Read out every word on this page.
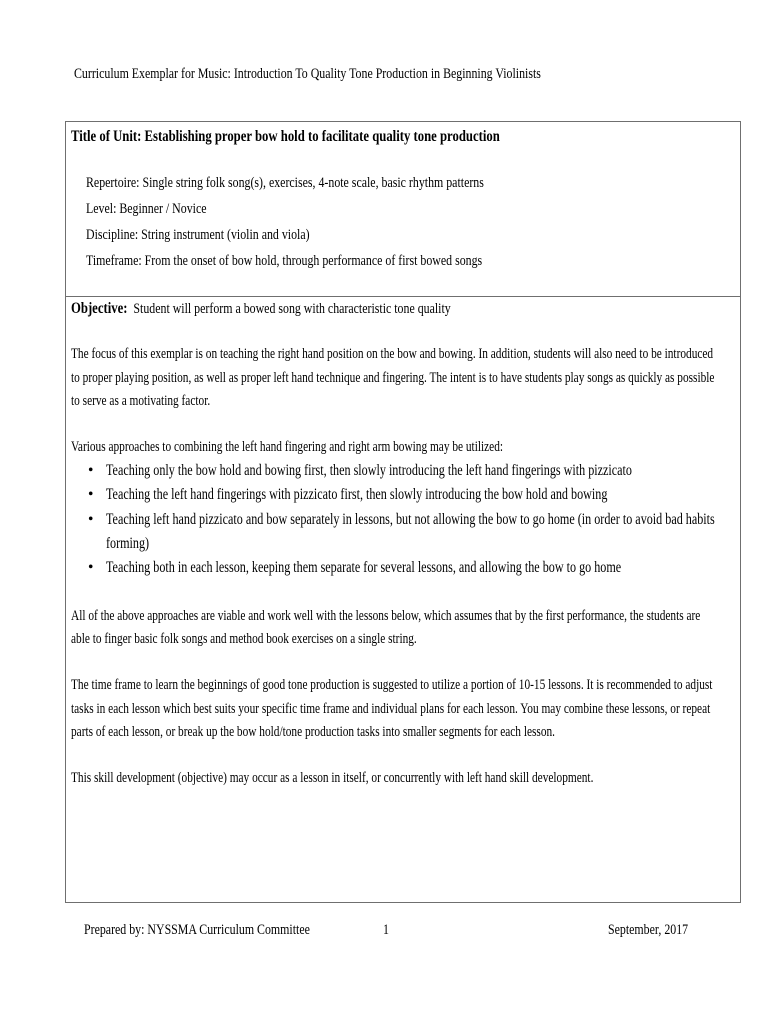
Curriculum Exemplar for Music: Introduction To Quality Tone Production in Beginning Violinists
Title of Unit: Establishing proper bow hold to facilitate quality tone production
Repertoire: Single string folk song(s), exercises, 4-note scale, basic rhythm patterns
Level: Beginner / Novice
Discipline: String instrument (violin and viola)
Timeframe: From the onset of bow hold, through performance of first bowed songs
Objective: Student will perform a bowed song with characteristic tone quality
The focus of this exemplar is on teaching the right hand position on the bow and bowing. In addition, students will also need to be introduced
to proper playing position, as well as proper left hand technique and fingering. The intent is to have students play songs as quickly as possible
to serve as a motivating factor.
Various approaches to combining the left hand fingering and right arm bowing may be utilized:
• Teaching only the bow hold and bowing first, then slowly introducing the left hand fingerings with pizzicato
• Teaching the left hand fingerings with pizzicato first, then slowly introducing the bow hold and bowing
• Teaching left hand pizzicato and bow separately in lessons, but not allowing the bow to go home (in order to avoid bad habits
forming)
• Teaching both in each lesson, keeping them separate for several lessons, and allowing the bow to go home
All of the above approaches are viable and work well with the lessons below, which assumes that by the first performance, the students are
able to finger basic folk songs and method book exercises on a single string.
The time frame to learn the beginnings of good tone production is suggested to utilize a portion of 10-15 lessons. It is recommended to adjust
tasks in each lesson which best suits your specific time frame and individual plans for each lesson. You may combine these lessons, or repeat
parts of each lesson, or break up the bow hold/tone production tasks into smaller segments for each lesson.
This skill development (objective) may occur as a lesson in itself, or concurrently with left hand skill development.
Prepared by: NYSSMA Curriculum Committee	1	September, 2017
